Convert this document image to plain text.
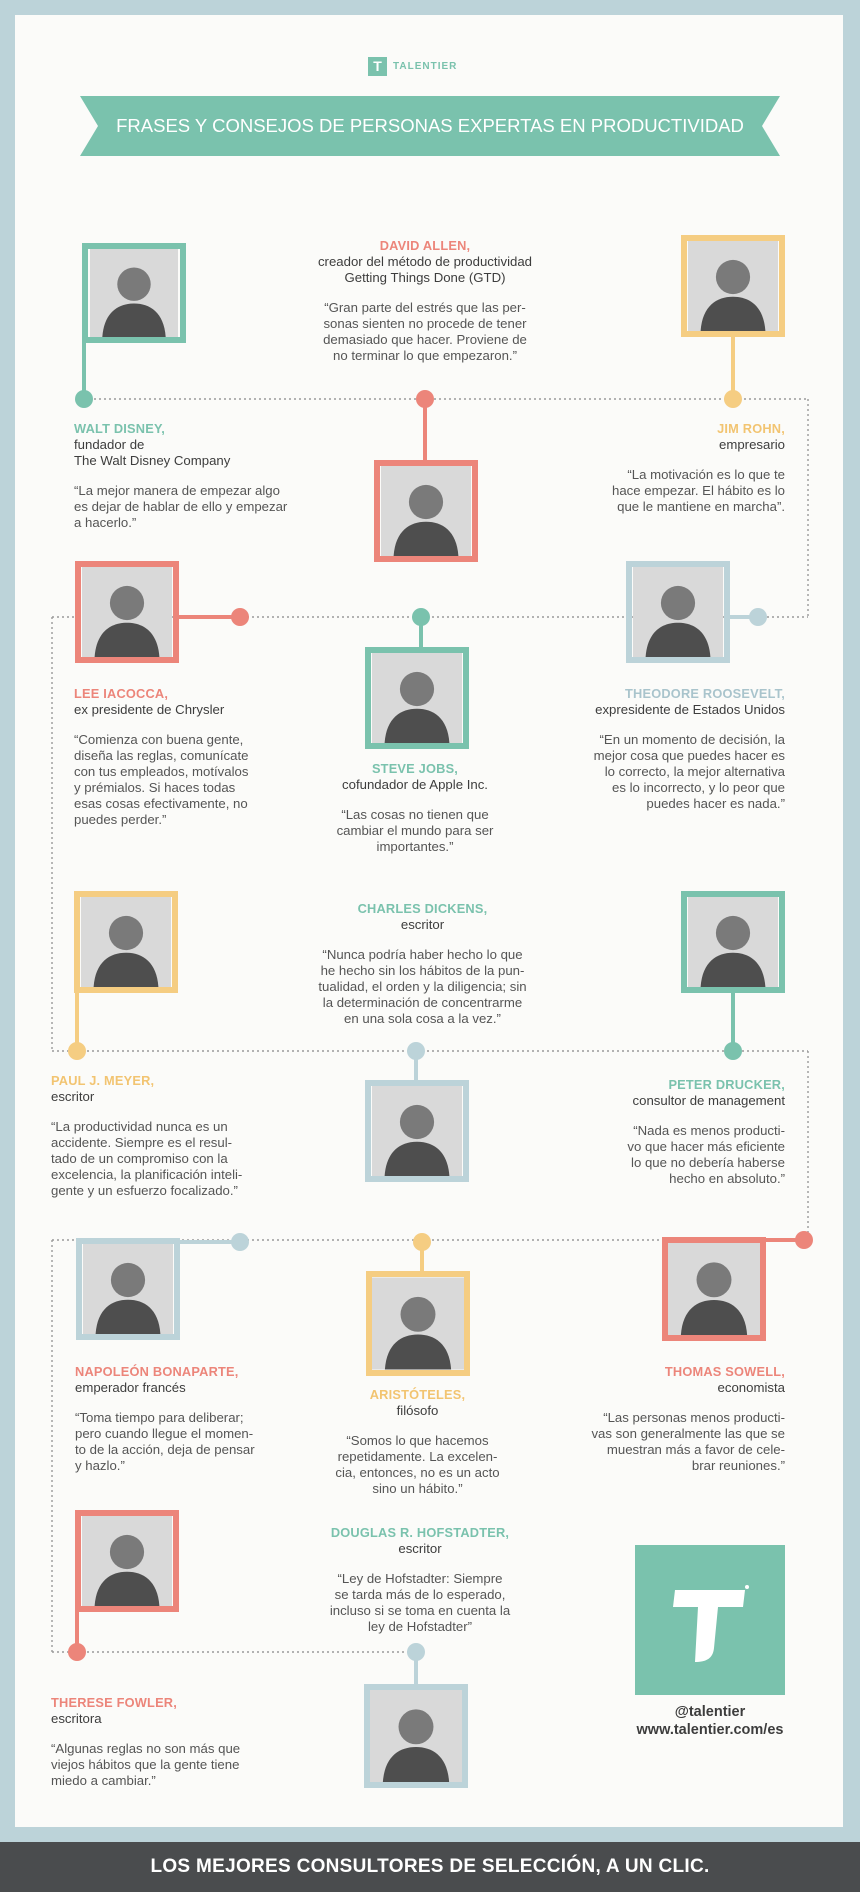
T	TALENTIER
FRASES Y CONSEJOS DE PERSONAS EXPERTAS EN PRODUCTIVIDAD
DAVID ALLEN,
creador del método de productividad
Getting Things Done (GTD)
“Gran parte del estrés que las per-
sonas sienten no procede de tener
demasiado que hacer. Proviene de
no terminar lo que empezaron.”
WALT DISNEY,
fundador de
The Walt Disney Company
“La mejor manera de empezar algo
es dejar de hablar de ello y empezar
a hacerlo.”
JIM ROHN,
empresario
“La motivación es lo que te
hace empezar. El hábito es lo
que le mantiene en marcha”.
LEE IACOCCA,
ex presidente de Chrysler
“Comienza con buena gente,
diseña las reglas, comunícate
con tus empleados, motívalos
y prémialos. Si haces todas
esas cosas efectivamente, no
puedes perder.”
STEVE JOBS,
cofundador de Apple Inc.
“Las cosas no tienen que
cambiar el mundo para ser
importantes.”
THEODORE ROOSEVELT,
expresidente de Estados Unidos
“En un momento de decisión, la
mejor cosa que puedes hacer es
lo correcto, la mejor alternativa
es lo incorrecto, y lo peor que
puedes hacer es nada.”
CHARLES DICKENS,
escritor
“Nunca podría haber hecho lo que
he hecho sin los hábitos de la pun-
tualidad, el orden y la diligencia; sin
la determinación de concentrarme
en una sola cosa a la vez.”
PAUL J. MEYER,
escritor
“La productividad nunca es un
accidente. Siempre es el resul-
tado de un compromiso con la
excelencia, la planificación inteli-
gente y un esfuerzo focalizado.”
PETER DRUCKER,
consultor de management
“Nada es menos producti-
vo que hacer más eficiente
lo que no debería haberse
hecho en absoluto.”
NAPOLEÓN BONAPARTE,
emperador francés
“Toma tiempo para deliberar;
pero cuando llegue el momen-
to de la acción, deja de pensar
y hazlo.”
ARISTÓTELES,
filósofo
“Somos lo que hacemos
repetidamente. La excelen-
cia, entonces, no es un acto
sino un hábito.”
THOMAS SOWELL,
economista
“Las personas menos producti-
vas son generalmente las que se
muestran más a favor de cele-
brar reuniones.”
DOUGLAS R. HOFSTADTER,
escritor
“Ley de Hofstadter: Siempre
se tarda más de lo esperado,
incluso si se toma en cuenta la
ley de Hofstadter”
THERESE FOWLER,
escritora
“Algunas reglas no son más que
viejos hábitos que la gente tiene
miedo a cambiar.”
@talentier
www.talentier.com/es
LOS MEJORES CONSULTORES DE SELECCIÓN, A UN CLIC.
